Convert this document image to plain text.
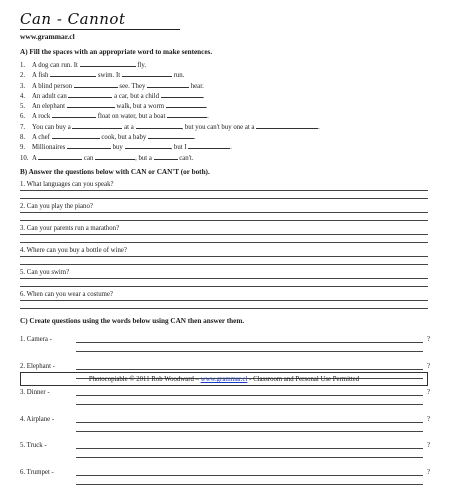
Can - Cannot
www.grammar.cl
A) Fill the spaces with an appropriate word to make sentences.
1. A dog can run. It	fly.
2. A fish	swim. It	run.
3. A blind person	see. They	hear.
4. An adult can	a car, but a child	.
5. An elephant	walk, but a worm	.
6. A rock	float on water, but a boat	.
7. You can buy a	at a	, but you can't buy one at a	.
8. A chef	cook, but a baby	.
9. Millionaires	buy	, but I	.
10. A	can	, but a	can't.
B) Answer the questions below with CAN or CAN'T (or both).
1. What languages can you speak?
2. Can you play the piano?
3. Can your parents run a marathon?
4. Where can you buy a bottle of wine?
5. Can you swim?
6. When can you wear a costume?
C) Create questions using the words below using CAN then answer them.
1. Camera -	?
2. Elephant -	?
3. Dinner -	?
4. Airplane -	?
5. Truck -	?
6. Trumpet -	?
Photocopiable © 2011 Rob Woodward – www.grammar.cl - Classroom and Personal Use Permitted
